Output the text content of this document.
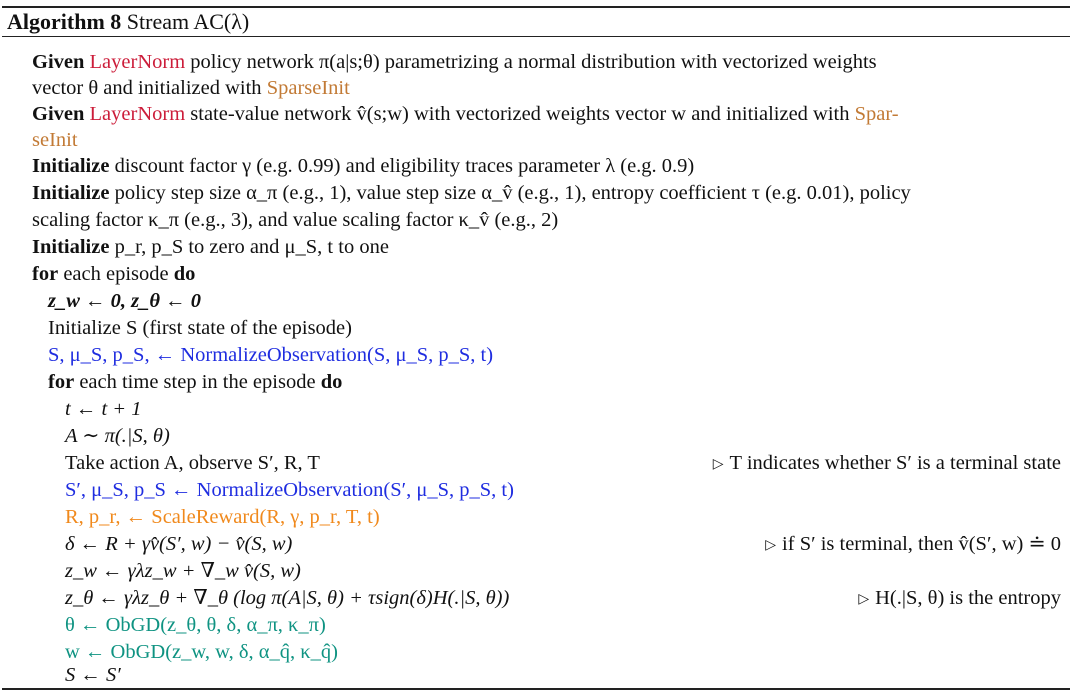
Algorithm 8 Stream AC(λ)
Given LayerNorm policy network π(a|s;θ) parametrizing a normal distribution with vectorized weights
vector θ and initialized with SparseInit
Given LayerNorm state-value network v̂(s;w) with vectorized weights vector w and initialized with Spar-
seInit
Initialize discount factor γ (e.g. 0.99) and eligibility traces parameter λ (e.g. 0.9)
Initialize policy step size α_π (e.g., 1), value step size α_v̂ (e.g., 1), entropy coefficient τ (e.g. 0.01), policy
scaling factor κ_π (e.g., 3), and value scaling factor κ_v̂ (e.g., 2)
Initialize p_r, p_S to zero and μ_S, t to one
for each episode do
z_w ← 0, z_θ ← 0
Initialize S (first state of the episode)
S, μ_S, p_S, ← NormalizeObservation(S, μ_S, p_S, t)
for each time step in the episode do
t ← t + 1
A ∼ π(.|S, θ)
Take action A, observe S′, R, T	▷ T indicates whether S′ is a terminal state
S′, μ_S, p_S ← NormalizeObservation(S′, μ_S, p_S, t)
R, p_r, ← ScaleReward(R, γ, p_r, T, t)
δ ← R + γv̂(S′, w) − v̂(S, w)	▷ if S′ is terminal, then v̂(S′, w) ≐ 0
z_w ← γλz_w + ∇_w v̂(S, w)
z_θ ← γλz_θ + ∇_θ (log π(A|S, θ) + τsign(δ)H(.|S, θ))	▷ H(.|S, θ) is the entropy
θ ← ObGD(z_θ, θ, δ, α_π, κ_π)
w ← ObGD(z_w, w, δ, α_q̂, κ_q̂)
S ← S′
